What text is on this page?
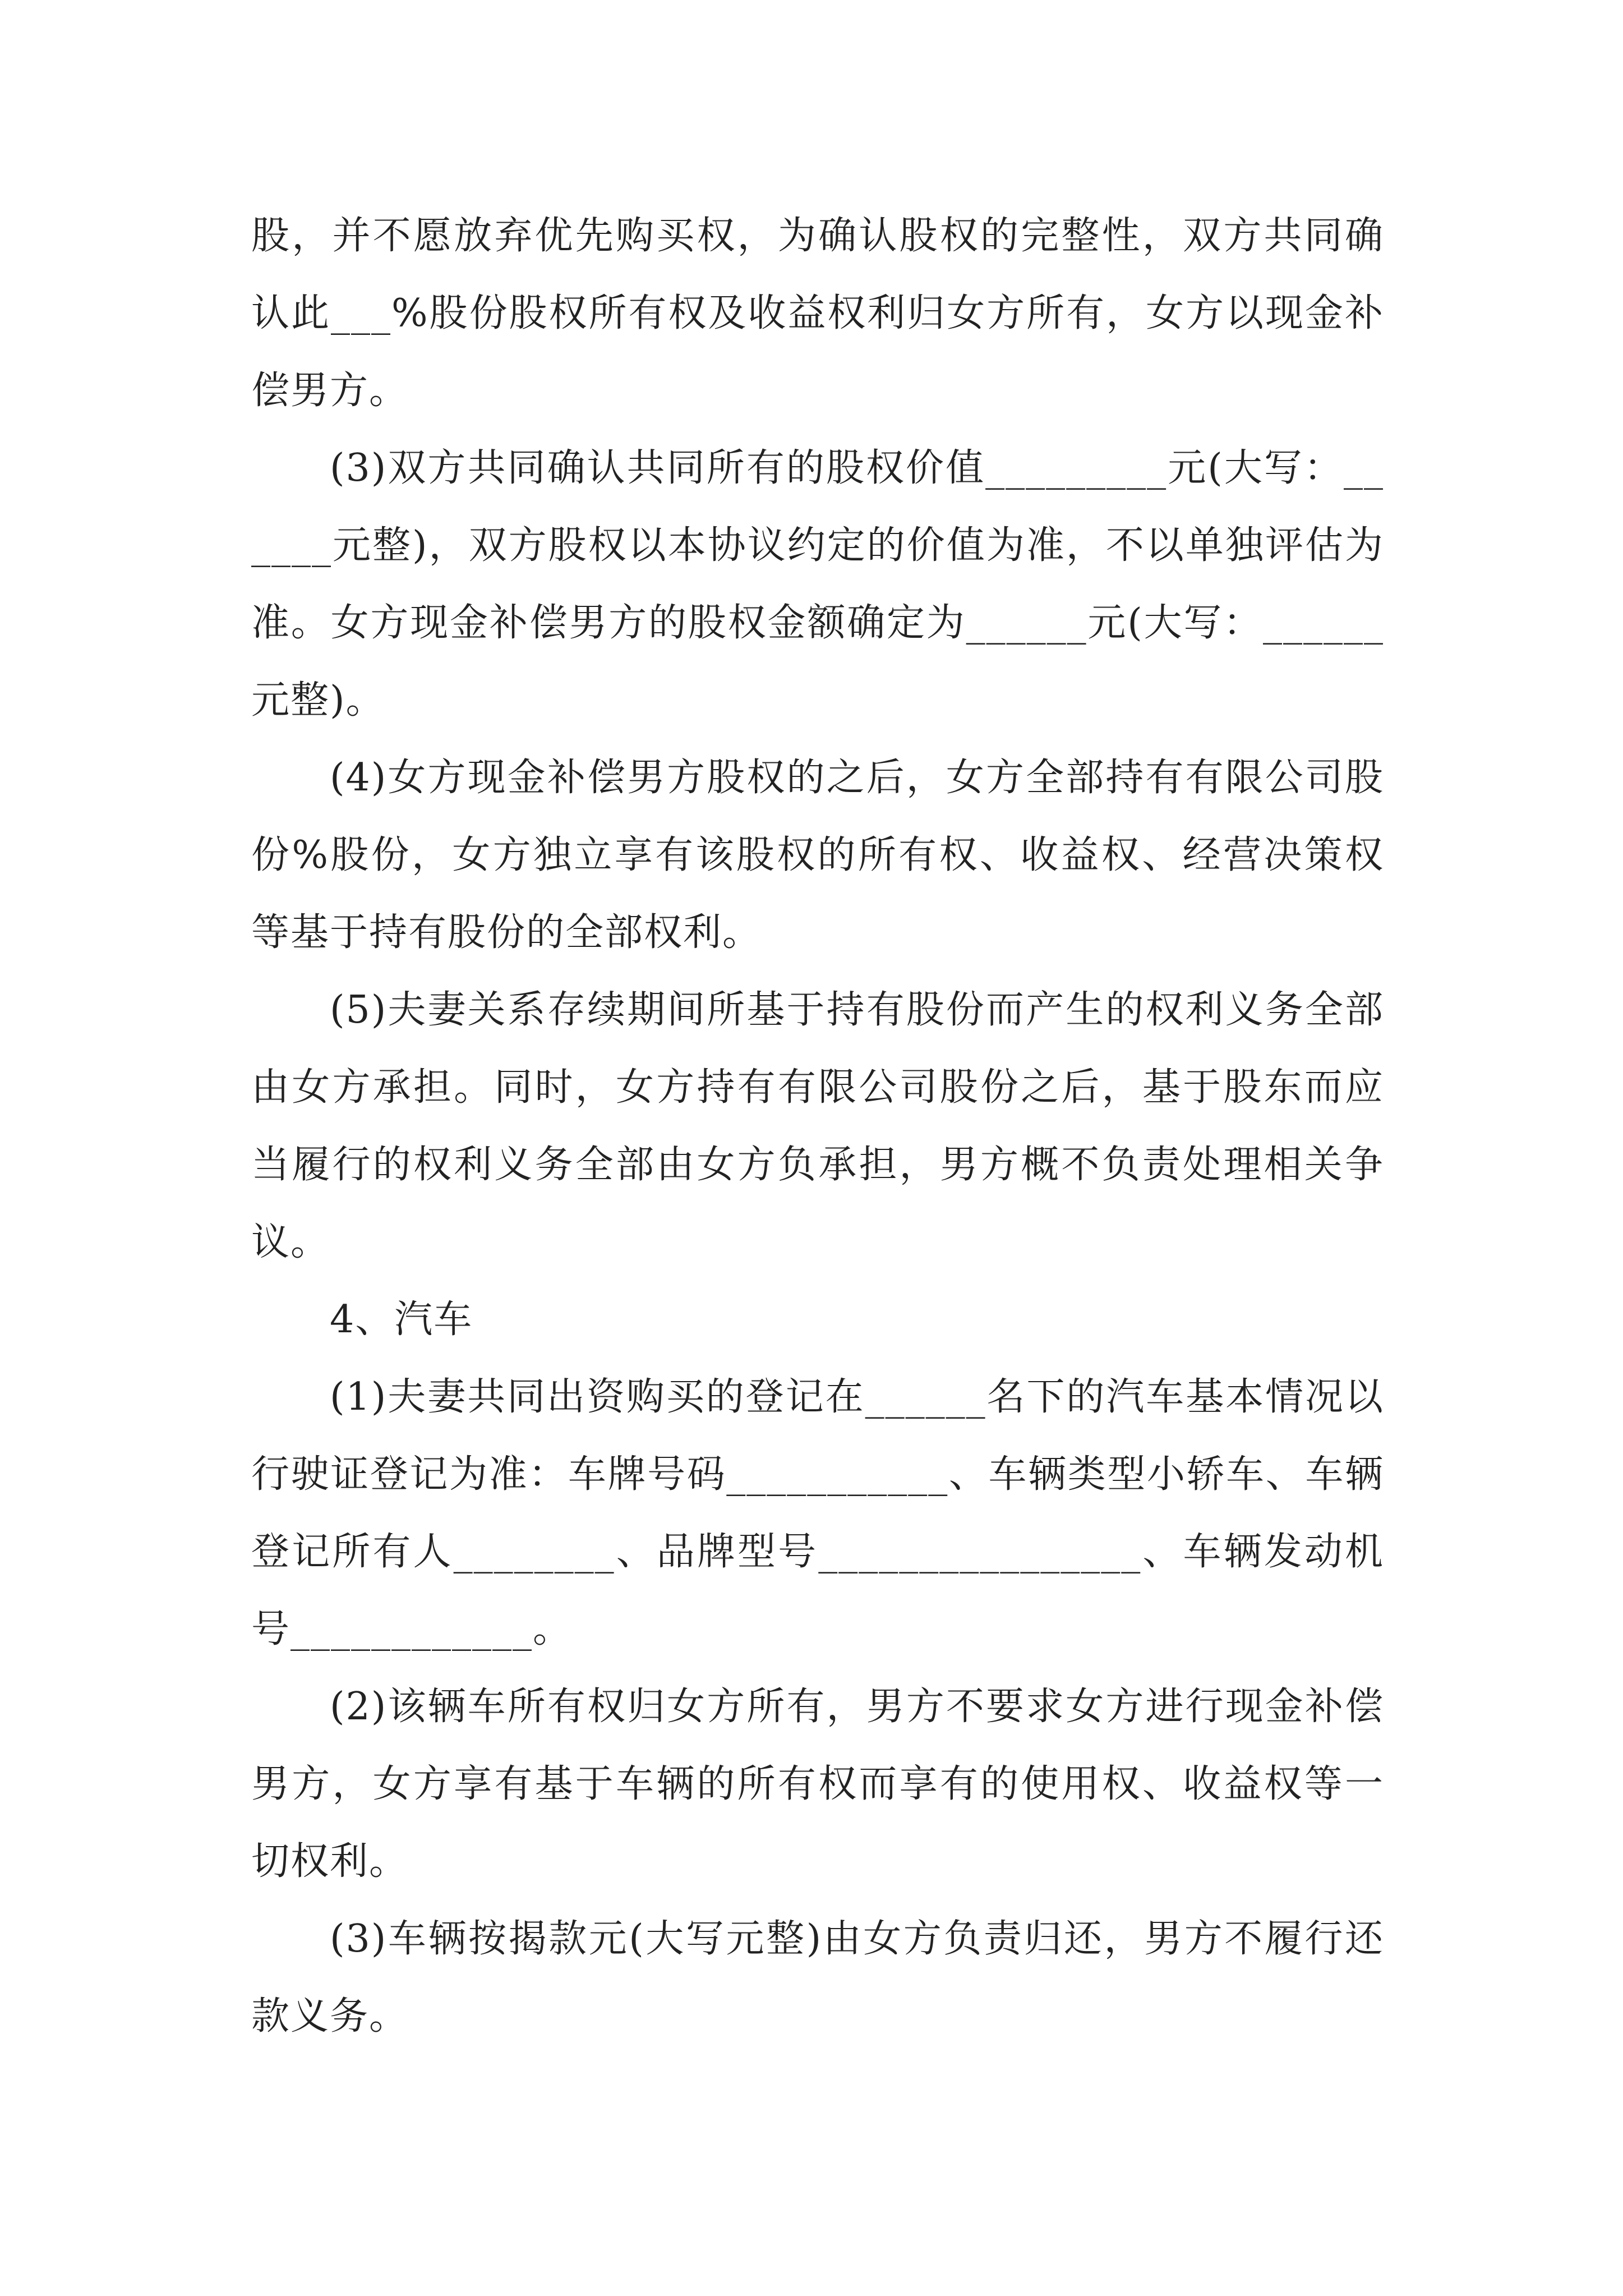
股，并不愿放弃优先购买权，为确认股权的完整性，双方共同确认此___%股份股权所有权及收益权利归女方所有，女方以现金补偿男方。

(3)双方共同确认共同所有的股权价值_________元(大写：______元整)，双方股权以本协议约定的价值为准，不以单独评估为准。女方现金补偿男方的股权金额确定为______元(大写：______元整)。

(4)女方现金补偿男方股权的之后，女方全部持有有限公司股份%股份，女方独立享有该股权的所有权、收益权、经营决策权等基于持有股份的全部权利。

(5)夫妻关系存续期间所基于持有股份而产生的权利义务全部由女方承担。同时，女方持有有限公司股份之后，基于股东而应当履行的权利义务全部由女方负承担，男方概不负责处理相关争议。

4、汽车

(1)夫妻共同出资购买的登记在______名下的汽车基本情况以行驶证登记为准：车牌号码___________、车辆类型小轿车、车辆登记所有人________、品牌型号________________、车辆发动机号____________。

(2)该辆车所有权归女方所有，男方不要求女方进行现金补偿男方，女方享有基于车辆的所有权而享有的使用权、收益权等一切权利。

(3)车辆按揭款元(大写元整)由女方负责归还，男方不履行还款义务。
